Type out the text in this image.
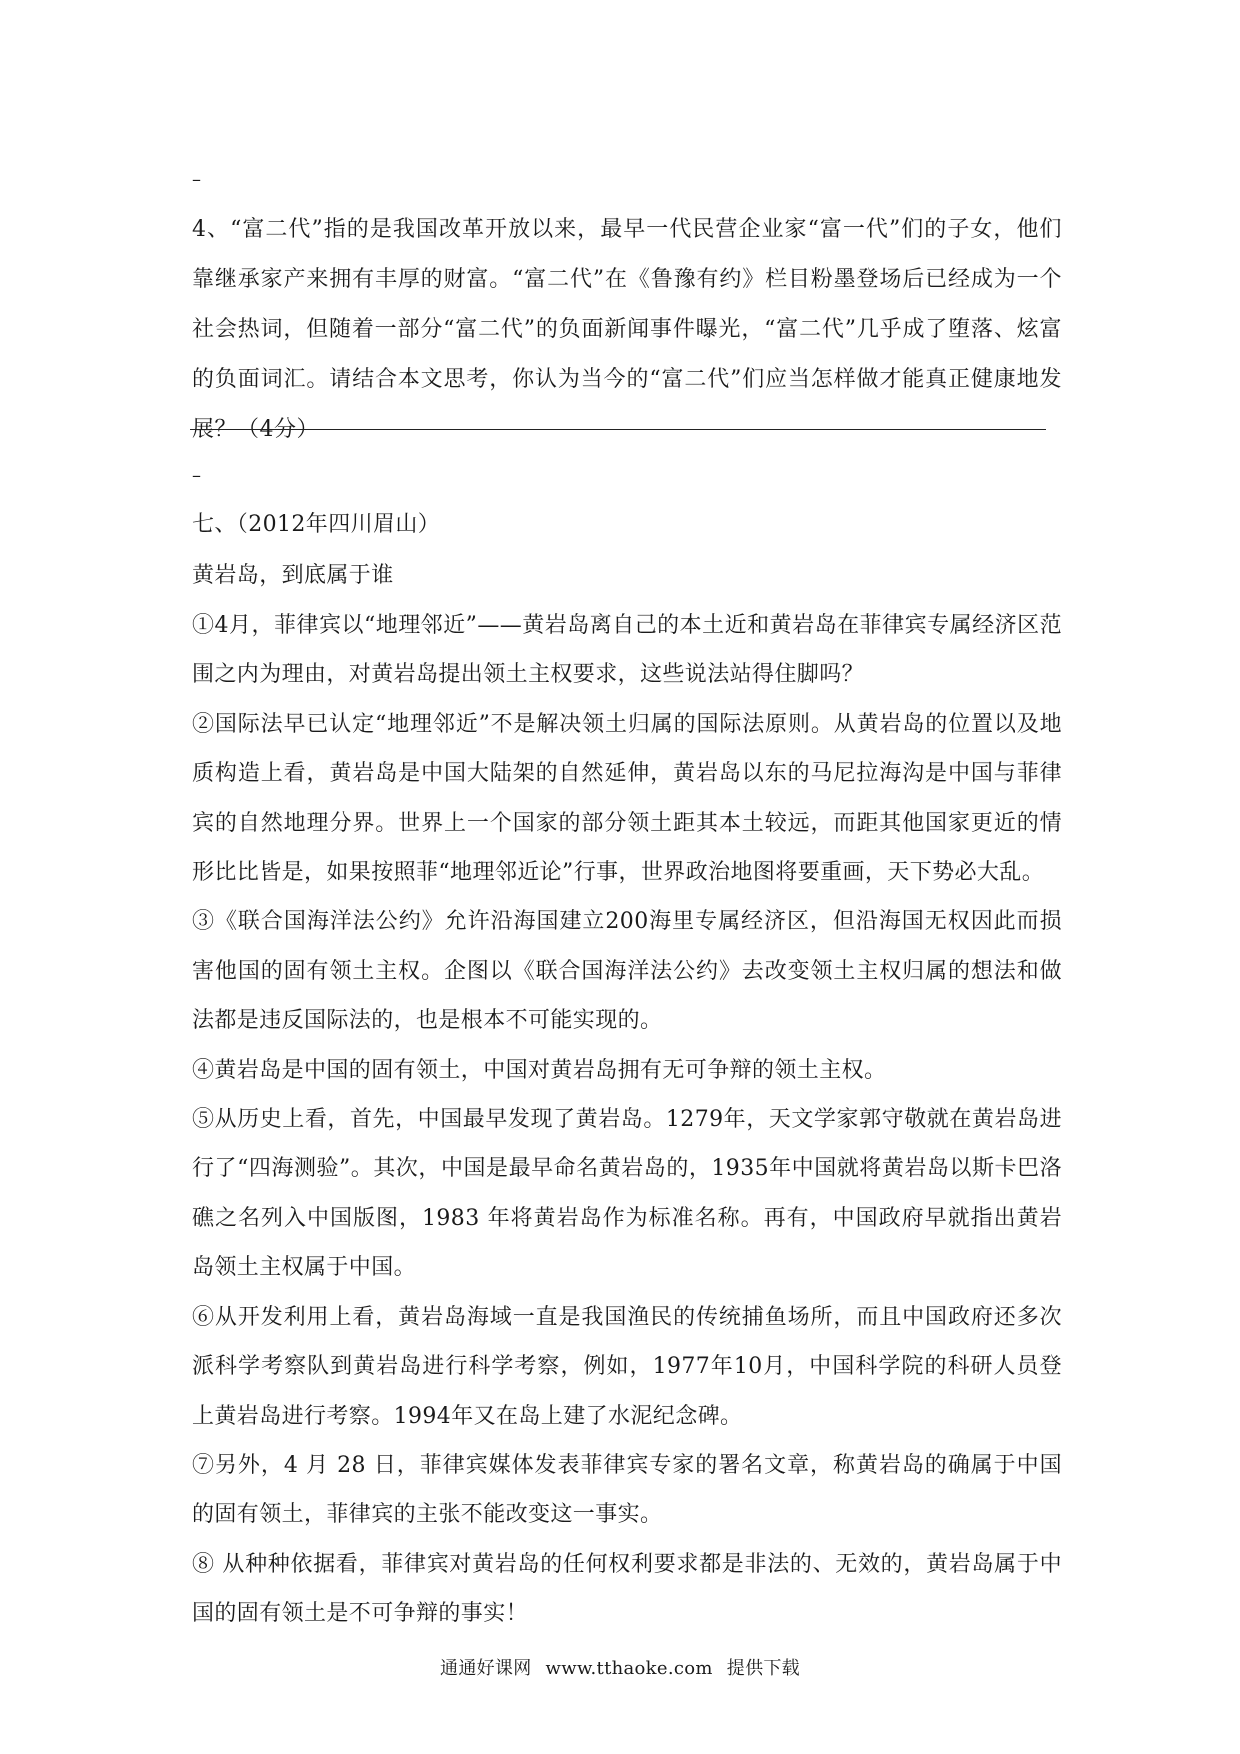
–
4、“富二代”指的是我国改革开放以来，最早一代民营企业家“富一代”们的子女，他们靠继承家产来拥有丰厚的财富。“富二代”在《鲁豫有约》栏目粉墨登场后已经成为一个社会热词，但随着一部分“富二代”的负面新闻事件曝光，“富二代”几乎成了堕落、炫富的负面词汇。请结合本文思考，你认为当今的“富二代”们应当怎样做才能真正健康地发展？（4分）
–

七、（2012年四川眉山）

黄岩岛，到底属于谁

①4月，菲律宾以“地理邻近”——黄岩岛离自己的本土近和黄岩岛在菲律宾专属经济区范围之内为理由，对黄岩岛提出领土主权要求，这些说法站得住脚吗？

②国际法早已认定“地理邻近”不是解决领土归属的国际法原则。从黄岩岛的位置以及地质构造上看，黄岩岛是中国大陆架的自然延伸，黄岩岛以东的马尼拉海沟是中国与菲律宾的自然地理分界。世界上一个国家的部分领土距其本土较远，而距其他国家更近的情形比比皆是，如果按照菲“地理邻近论”行事，世界政治地图将要重画，天下势必大乱。

③《联合国海洋法公约》允许沿海国建立200海里专属经济区，但沿海国无权因此而损害他国的固有领土主权。企图以《联合国海洋法公约》去改变领土主权归属的想法和做法都是违反国际法的，也是根本不可能实现的。

④黄岩岛是中国的固有领土，中国对黄岩岛拥有无可争辩的领土主权。

⑤从历史上看，首先，中国最早发现了黄岩岛。1279年，天文学家郭守敬就在黄岩岛进行了“四海测验”。其次，中国是最早命名黄岩岛的，1935年中国就将黄岩岛以斯卡巴洛礁之名列入中国版图，1983 年将黄岩岛作为标准名称。再有，中国政府早就指出黄岩岛领土主权属于中国。

⑥从开发利用上看，黄岩岛海域一直是我国渔民的传统捕鱼场所，而且中国政府还多次派科学考察队到黄岩岛进行科学考察，例如，1977年10月，中国科学院的科研人员登上黄岩岛进行考察。1994年又在岛上建了水泥纪念碑。

⑦另外，4 月 28 日，菲律宾媒体发表菲律宾专家的署名文章，称黄岩岛的确属于中国的固有领土，菲律宾的主张不能改变这一事实。

⑧ 从种种依据看，菲律宾对黄岩岛的任何权利要求都是非法的、无效的，黄岩岛属于中国的固有领土是不可争辩的事实！

通通好课网 www.tthaoke.com 提供下载
